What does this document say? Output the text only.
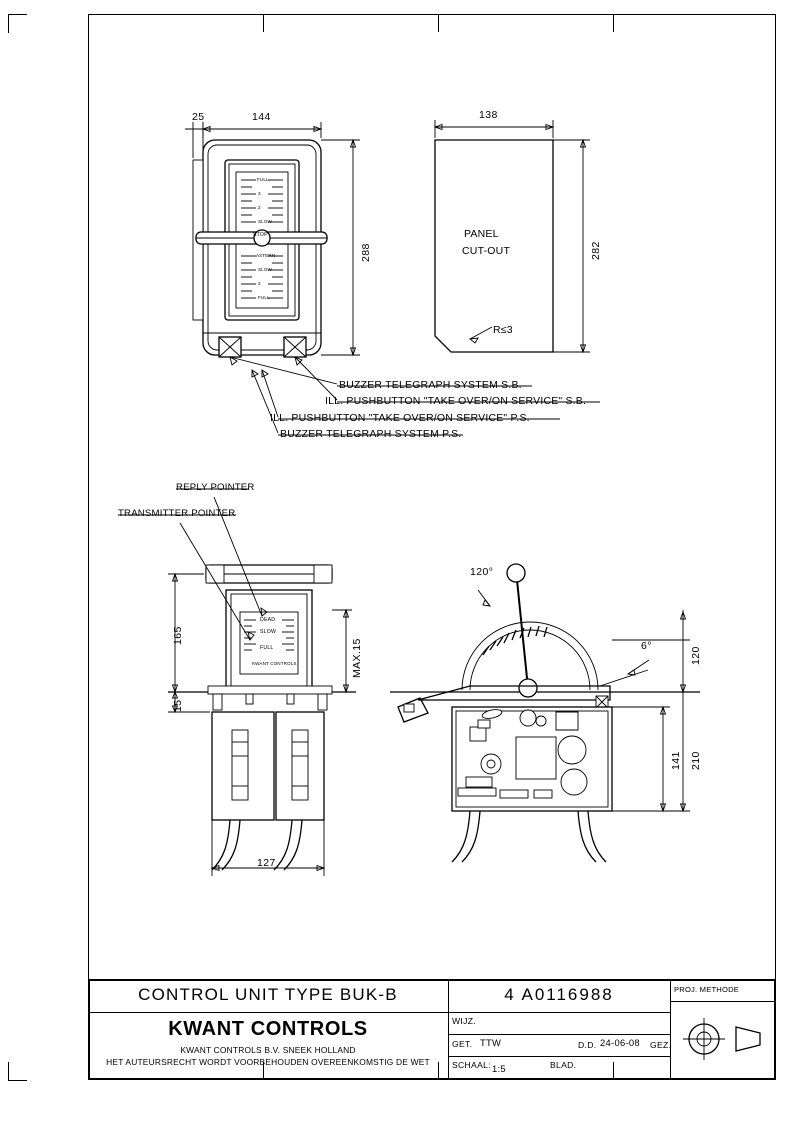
25	144
288
138
282
PANEL
CUT-OUT
R≤3
BUZZER TELEGRAPH SYSTEM S.B.
ILL. PUSHBUTTON "TAKE OVER/ON SERVICE" S.B.
ILL. PUSHBUTTON "TAKE OVER/ON SERVICE" P.S.
BUZZER TELEGRAPH SYSTEM P.S.
REPLY POINTER
TRANSMITTER POINTER
165
15
MAX.15
127
120°
6°
120
141 210
FULL
3
2
SLOW
STOP
ASTERN
SLOW
2
FULL
DEAD
SLOW
FULL
KWANT CONTROLS
CONTROL UNIT TYPE BUK-B	4 A0116988
KWANT CONTROLS
KWANT CONTROLS B.V. SNEEK HOLLAND
HET AUTEURSRECHT WORDT VOORBEHOUDEN OVEREENKOMSTIG DE WET
WIJZ.
GET. TTW	D.D. 24-06-08 GEZ.
SCHAAL: 1:5	BLAD.
PROJ. METHODE
